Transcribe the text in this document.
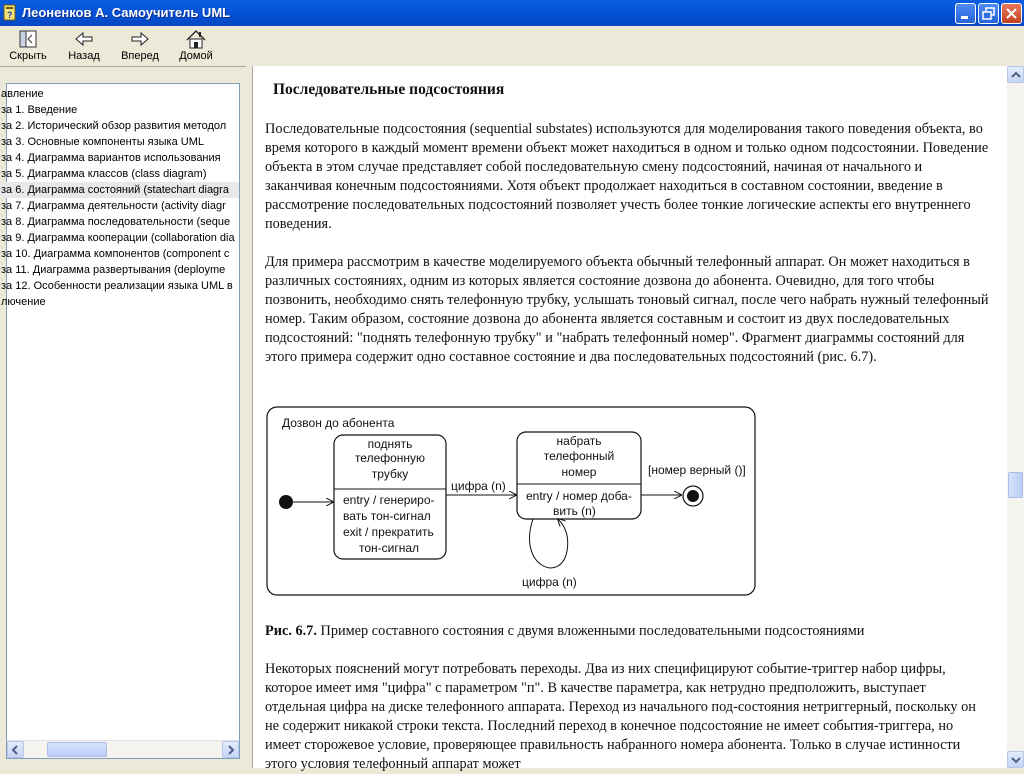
? Леоненков А. Самоучитель UML
Скрыть	Назад	Вперед Домой
авление
за 1. Введение
за 2. Исторический обзор развития методол
за 3. Основные компоненты языка UML
за 4. Диаграмма вариантов использования
за 5. Диаграмма классов (class diagram)
за 6. Диаграмма состояний (statechart diagra
за 7. Диаграмма деятельности (activity diagr
за 8. Диаграмма последовательности (seque
за 9. Диаграмма кооперации (collaboration dia
за 10. Диаграмма компонентов (component c
за 11. Диаграмма развертывания (deployme
за 12. Особенности реализации языка UML в
лючение
Последовательные подсостояния

Последовательные подсостояния (sequential substates) используются для моделирования такого поведения объекта, во время которого в каждый момент времени объект может находиться в одном и только одном подсостоянии. Поведение объекта в этом случае представляет собой последовательную смену подсостояний, начиная от начального и заканчивая конечным подсостояниями. Хотя объект продолжает находиться в составном состоянии, введение в рассмотрение последовательных подсостояний позволяет учесть более тонкие логические аспекты его внутреннего поведения.

Для примера рассмотрим в качестве моделируемого объекта обычный телефонный аппарат. Он может находиться в различных состояниях, одним из которых является состояние дозвона до абонента. Очевидно, для того чтобы позвонить, необходимо снять телефонную трубку, услышать тоновый сигнал, после чего набрать нужный телефонный номер. Таким образом, состояние дозвона до абонента является составным и состоит из двух последовательных подсостояний: "поднять телефонную трубку" и "набрать телефонный номер". Фрагмент диаграммы состояний для этого примера содержит одно составное состояние и два последовательных подсостояний (рис. 6.7).

Дозвон до абонента
поднять
телефонную
трубку
entry / генериро-
вать тон-сигнал
exit / прекратить
тон-сигнал
набрать
телефонный
номер
entry / номер доба-
вить (n)
цифра (n)
цифра (n)
[номер верный ()]

Рис. 6.7. Пример составного состояния с двумя вложенными последовательными подсостояниями

Некоторых пояснений могут потребовать переходы. Два из них специфицируют событие-триггер набор цифры, которое имеет имя "цифра" с параметром "п". В качестве параметра, как нетрудно предположить, выступает отдельная цифра на диске телефонного аппарата. Переход из начального под-состояния нетриггерный, поскольку он не содержит никакой строки текста. Последний переход в конечное подсостояние не имеет события-триггера, но имеет сторожевое условие, проверяющее правильность набранного номера абонента. Только в случае истинности этого условия телефонный аппарат может
